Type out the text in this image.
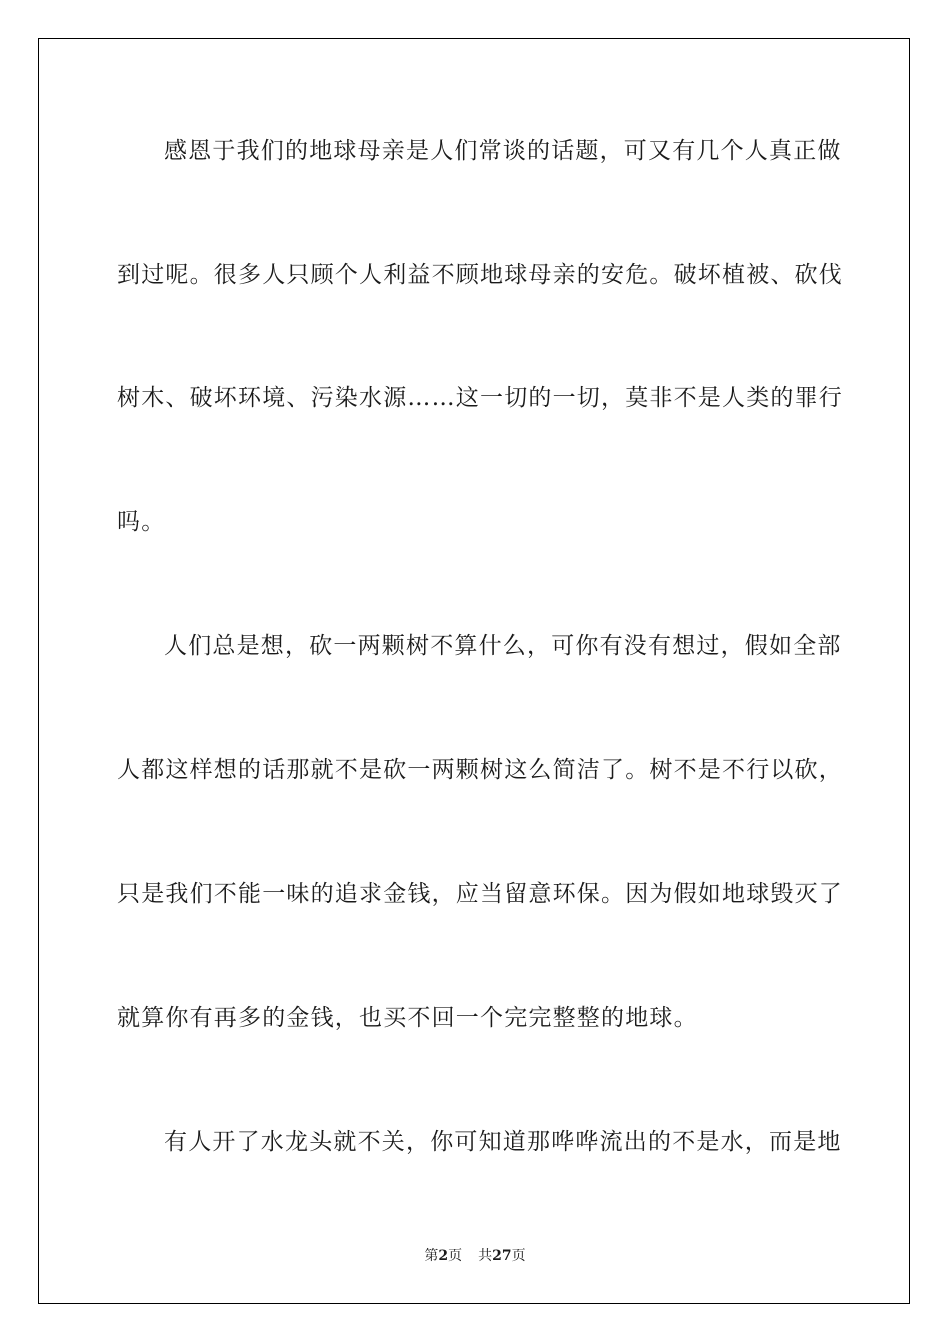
感恩于我们的地球母亲是人们常谈的话题，可又有几个人真正做
到过呢。很多人只顾个人利益不顾地球母亲的安危。破坏植被、砍伐
树木、破坏环境、污染水源……这一切的一切，莫非不是人类的罪行
吗。
人们总是想，砍一两颗树不算什么，可你有没有想过，假如全部
人都这样想的话那就不是砍一两颗树这么简洁了。树不是不行以砍，
只是我们不能一味的追求金钱，应当留意环保。因为假如地球毁灭了
就算你有再多的金钱，也买不回一个完完整整的地球。
有人开了水龙头就不关，你可知道那哗哗流出的不是水，而是地
第2页 共27页
